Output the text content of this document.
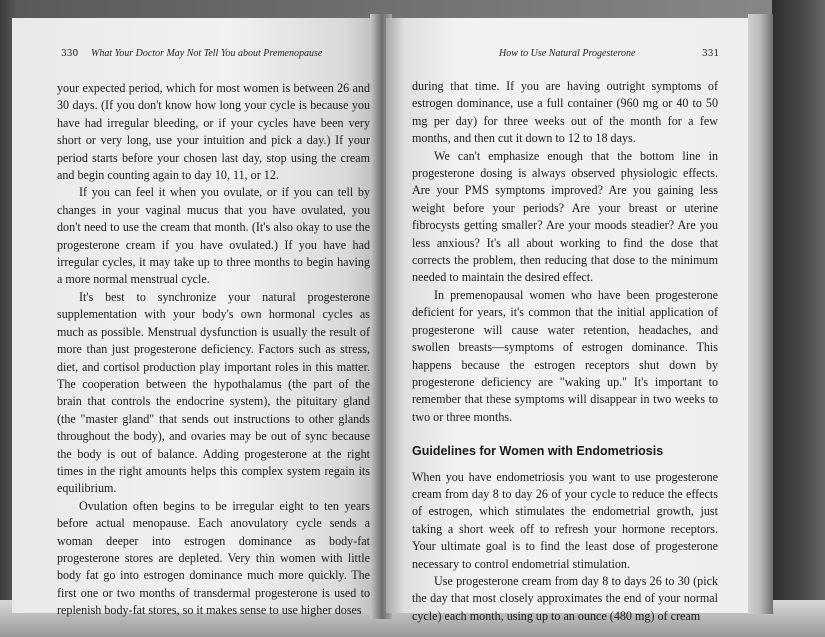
330 What Your Doctor May Not Tell You about Premenopause

your expected period, which for most women is between 26 and 30 days. (If you don't know how long your cycle is because you have had irregular bleeding, or if your cycles have been very short or very long, use your intuition and pick a day.) If your period starts before your chosen last day, stop using the cream and begin counting again to day 10, 11, or 12.

If you can feel it when you ovulate, or if you can tell by changes in your vaginal mucus that you have ovulated, you don't need to use the cream that month. (It's also okay to use the progesterone cream if you have ovulated.) If you have had irregular cycles, it may take up to three months to begin having a more normal menstrual cycle.

It's best to synchronize your natural progesterone supplementation with your body's own hormonal cycles as much as possible. Menstrual dysfunction is usually the result of more than just progesterone deficiency. Factors such as stress, diet, and cortisol production play important roles in this matter. The cooperation between the hypothalamus (the part of the brain that controls the endocrine system), the pituitary gland (the "master gland" that sends out instructions to other glands throughout the body), and ovaries may be out of sync because the body is out of balance. Adding progesterone at the right times in the right amounts helps this complex system regain its equilibrium.

Ovulation often begins to be irregular eight to ten years before actual menopause. Each anovulatory cycle sends a woman deeper into estrogen dominance as body-fat progesterone stores are depleted. Very thin women with little body fat go into estrogen dominance much more quickly. The first one or two months of transdermal progesterone is used to replenish body-fat stores, so it makes sense to use higher doses

How to Use Natural Progesterone	331

during that time. If you are having outright symptoms of estrogen dominance, use a full container (960 mg or 40 to 50 mg per day) for three weeks out of the month for a few months, and then cut it down to 12 to 18 days.

We can't emphasize enough that the bottom line in progesterone dosing is always observed physiologic effects. Are your PMS symptoms improved? Are you gaining less weight before your periods? Are your breast or uterine fibrocysts getting smaller? Are your moods steadier? Are you less anxious? It's all about working to find the dose that corrects the problem, then reducing that dose to the minimum needed to maintain the desired effect.

In premenopausal women who have been progesterone deficient for years, it's common that the initial application of progesterone will cause water retention, headaches, and swollen breasts—symptoms of estrogen dominance. This happens because the estrogen receptors shut down by progesterone deficiency are "waking up." It's important to remember that these symptoms will disappear in two weeks to two or three months.

Guidelines for Women with Endometriosis

When you have endometriosis you want to use progesterone cream from day 8 to day 26 of your cycle to reduce the effects of estrogen, which stimulates the endometrial growth, just taking a short week off to refresh your hormone receptors. Your ultimate goal is to find the least dose of progesterone necessary to control endometrial stimulation.

Use progesterone cream from day 8 to days 26 to 30 (pick the day that most closely approximates the end of your normal cycle) each month, using up to an ounce (480 mg) of cream
